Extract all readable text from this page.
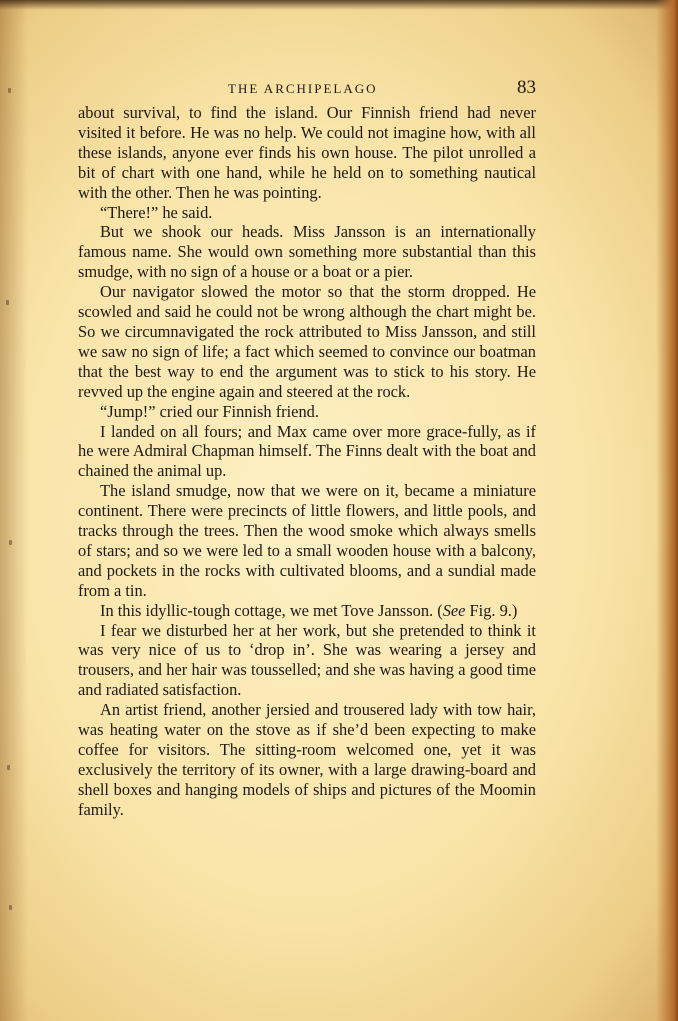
THE ARCHIPELAGO	83

about survival, to find the island. Our Finnish friend had never visited it before. He was no help. We could not imagine how, with all these islands, anyone ever finds his own house. The pilot unrolled a bit of chart with one hand, while he held on to something nautical with the other. Then he was pointing.

“There!” he said.

But we shook our heads. Miss Jansson is an internationally famous name. She would own something more substantial than this smudge, with no sign of a house or a boat or a pier.

Our navigator slowed the motor so that the storm dropped. He scowled and said he could not be wrong although the chart might be. So we circumnavigated the rock attributed to Miss Jansson, and still we saw no sign of life; a fact which seemed to convince our boatman that the best way to end the argument was to stick to his story. He revved up the engine again and steered at the rock.

“Jump!” cried our Finnish friend.

I landed on all fours; and Max came over more grace-fully, as if he were Admiral Chapman himself. The Finns dealt with the boat and chained the animal up.

The island smudge, now that we were on it, became a miniature continent. There were precincts of little flowers, and little pools, and tracks through the trees. Then the wood smoke which always smells of stars; and so we were led to a small wooden house with a balcony, and pockets in the rocks with cultivated blooms, and a sundial made from a tin.

In this idyllic-tough cottage, we met Tove Jansson. (See Fig. 9.)

I fear we disturbed her at her work, but she pretended to think it was very nice of us to ‘drop in’. She was wearing a jersey and trousers, and her hair was tousselled; and she was having a good time and radiated satisfaction.

An artist friend, another jersied and trousered lady with tow hair, was heating water on the stove as if she’d been expecting to make coffee for visitors. The sitting-room welcomed one, yet it was exclusively the territory of its owner, with a large drawing-board and shell boxes and hanging models of ships and pictures of the Moomin family.
